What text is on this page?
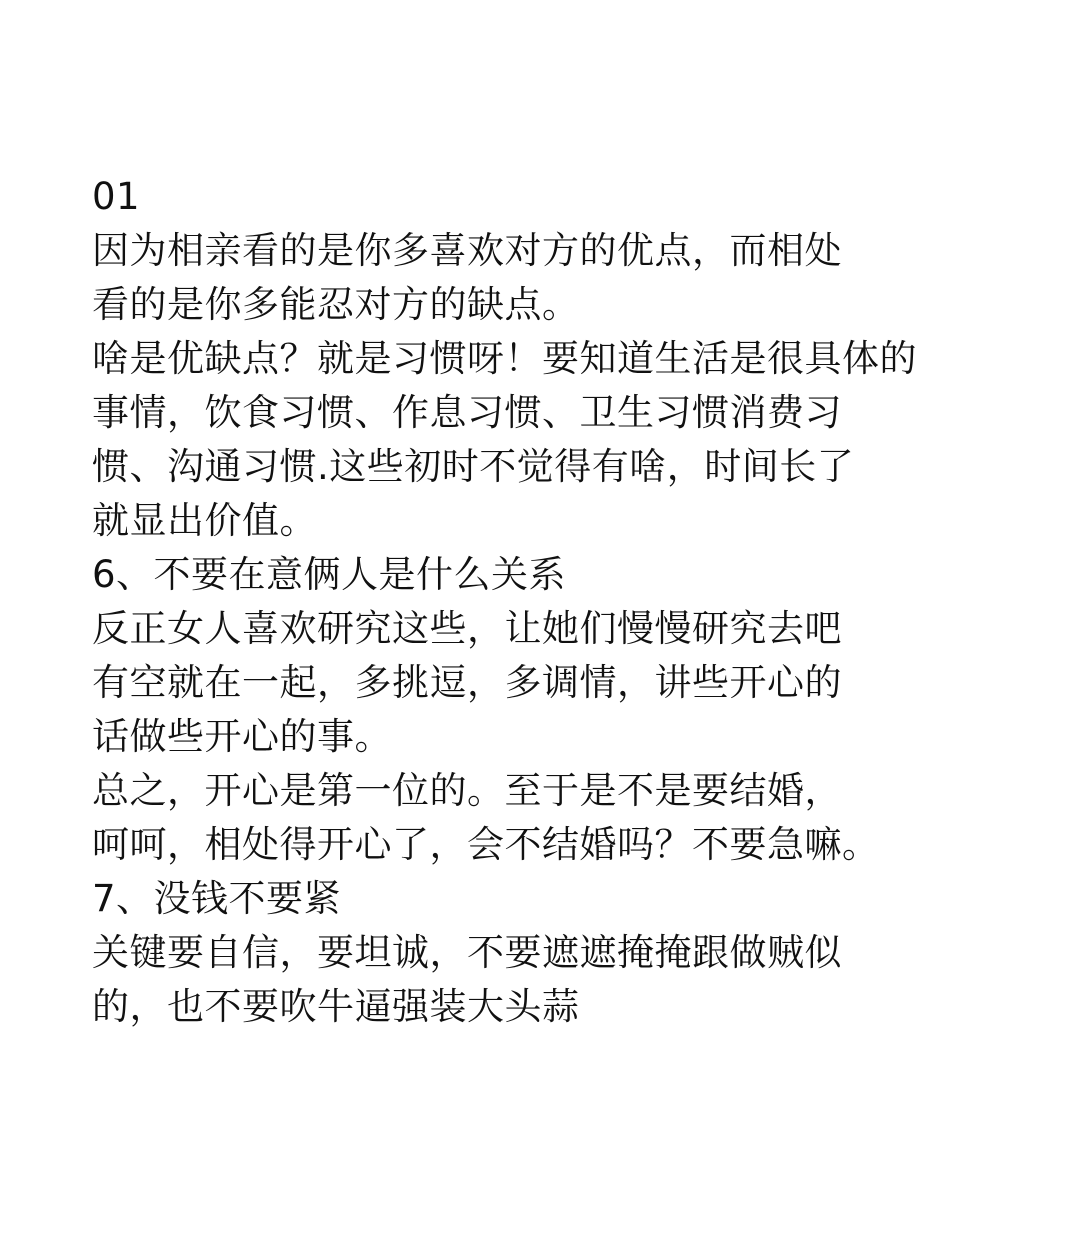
01
因为相亲看的是你多喜欢对方的优点，而相处
看的是你多能忍对方的缺点。
啥是优缺点？就是习惯呀！要知道生活是很具体的
事情，饮食习惯、作息习惯、卫生习惯消费习
惯、沟通习惯.这些初时不觉得有啥，时间长了
就显出价值。
6、不要在意俩人是什么关系
反正女人喜欢研究这些，让她们慢慢研究去吧
有空就在一起，多挑逗，多调情，讲些开心的
话做些开心的事。
总之，开心是第一位的。至于是不是要结婚，
呵呵，相处得开心了，会不结婚吗？不要急嘛。
7、没钱不要紧
关键要自信，要坦诚，不要遮遮掩掩跟做贼似
的，也不要吹牛逼强装大头蒜
